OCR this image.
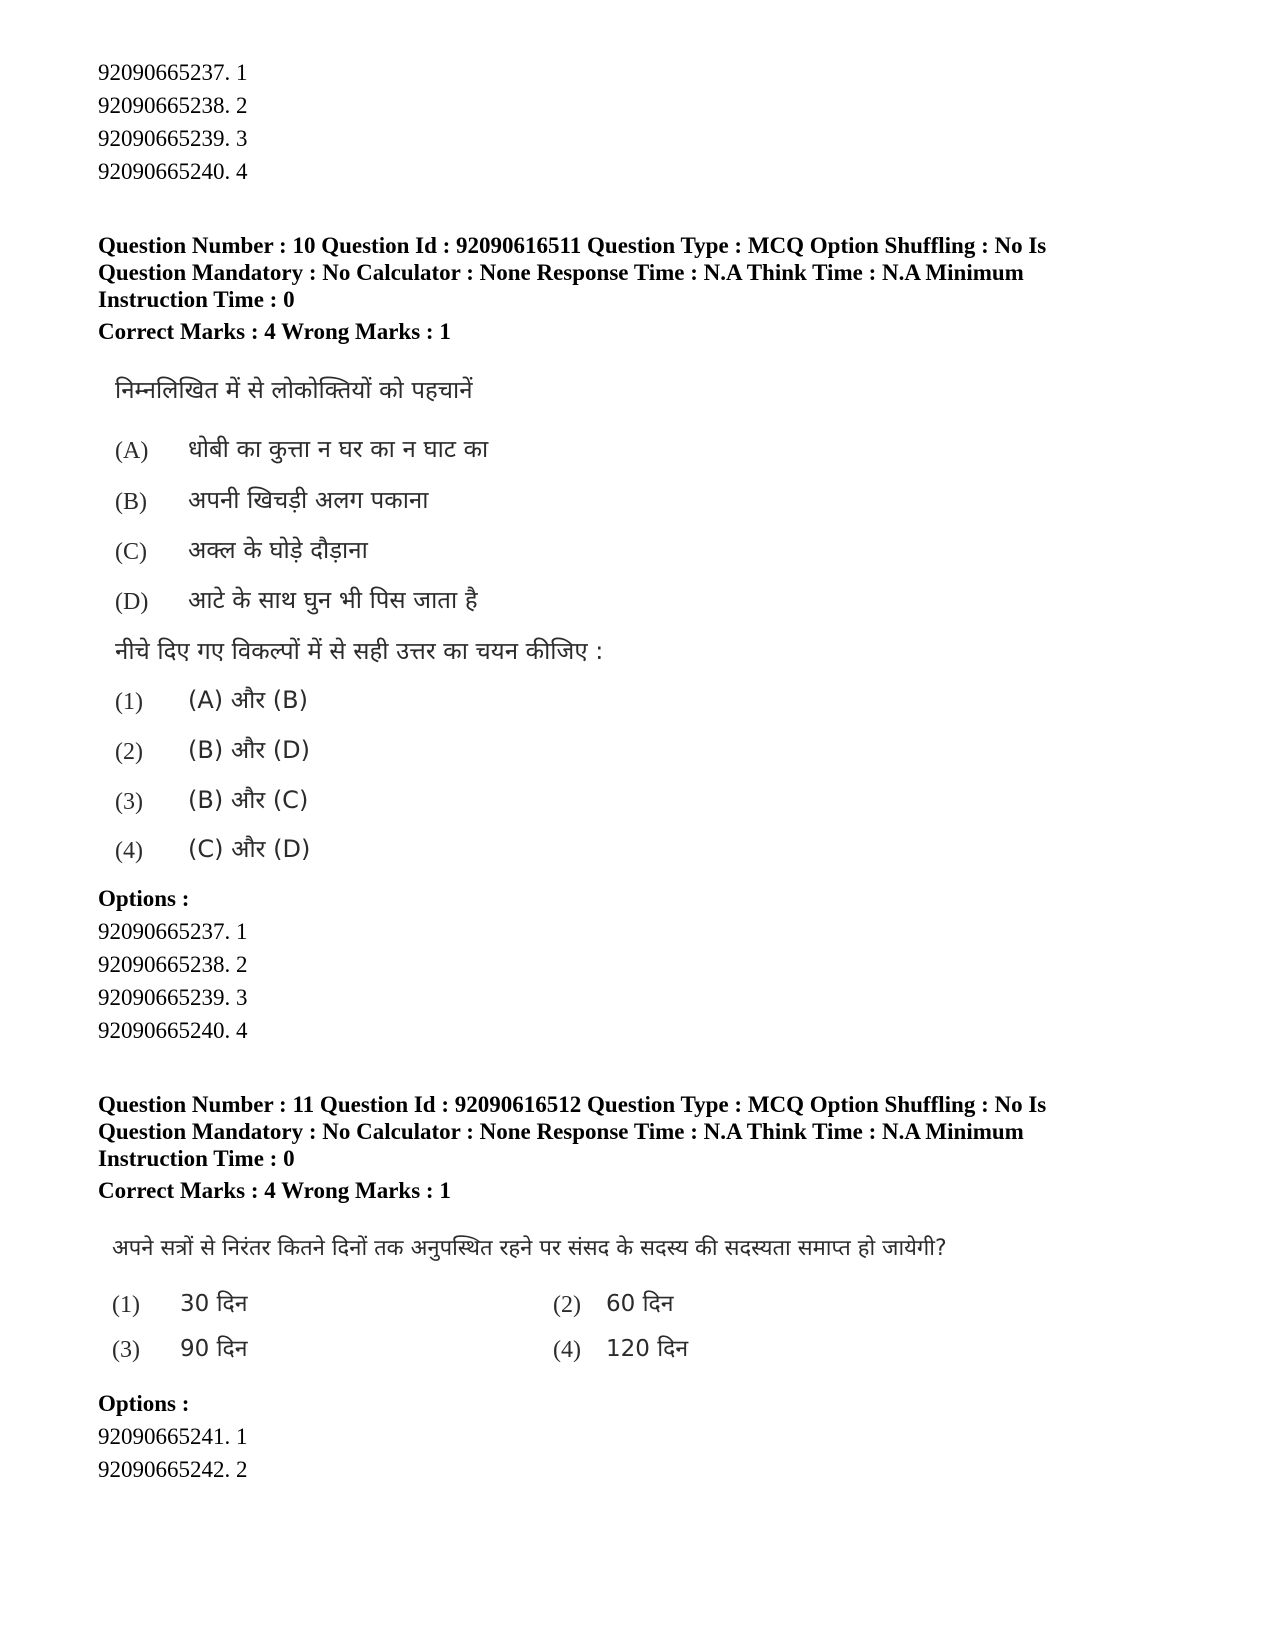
92090665237. 1
92090665238. 2
92090665239. 3
92090665240. 4
Question Number : 10 Question Id : 92090616511 Question Type : MCQ Option Shuffling : No Is
Question Mandatory : No Calculator : None Response Time : N.A Think Time : N.A Minimum
Instruction Time : 0
Correct Marks : 4 Wrong Marks : 1
निम्नलिखित में से लोकोक्तियों को पहचानें
(A) धोबी का कुत्ता न घर का न घाट का
(B) अपनी खिचड़ी अलग पकाना
(C) अक्ल के घोड़े दौड़ाना
(D) आटे के साथ घुन भी पिस जाता है
नीचे दिए गए विकल्पों में से सही उत्तर का चयन कीजिए :
(1) (A) और (B)
(2) (B) और (D)
(3) (B) और (C)
(4) (C) और (D)
Options :
92090665237. 1
92090665238. 2
92090665239. 3
92090665240. 4
Question Number : 11 Question Id : 92090616512 Question Type : MCQ Option Shuffling : No Is
Question Mandatory : No Calculator : None Response Time : N.A Think Time : N.A Minimum
Instruction Time : 0
Correct Marks : 4 Wrong Marks : 1
अपने सत्रों से निरंतर कितने दिनों तक अनुपस्थित रहने पर संसद के सदस्य की सदस्यता समाप्त हो जायेगी?
(1) 30 दिन	(2) 60 दिन
(3) 90 दिन	(4) 120 दिन
Options :
92090665241. 1
92090665242. 2
